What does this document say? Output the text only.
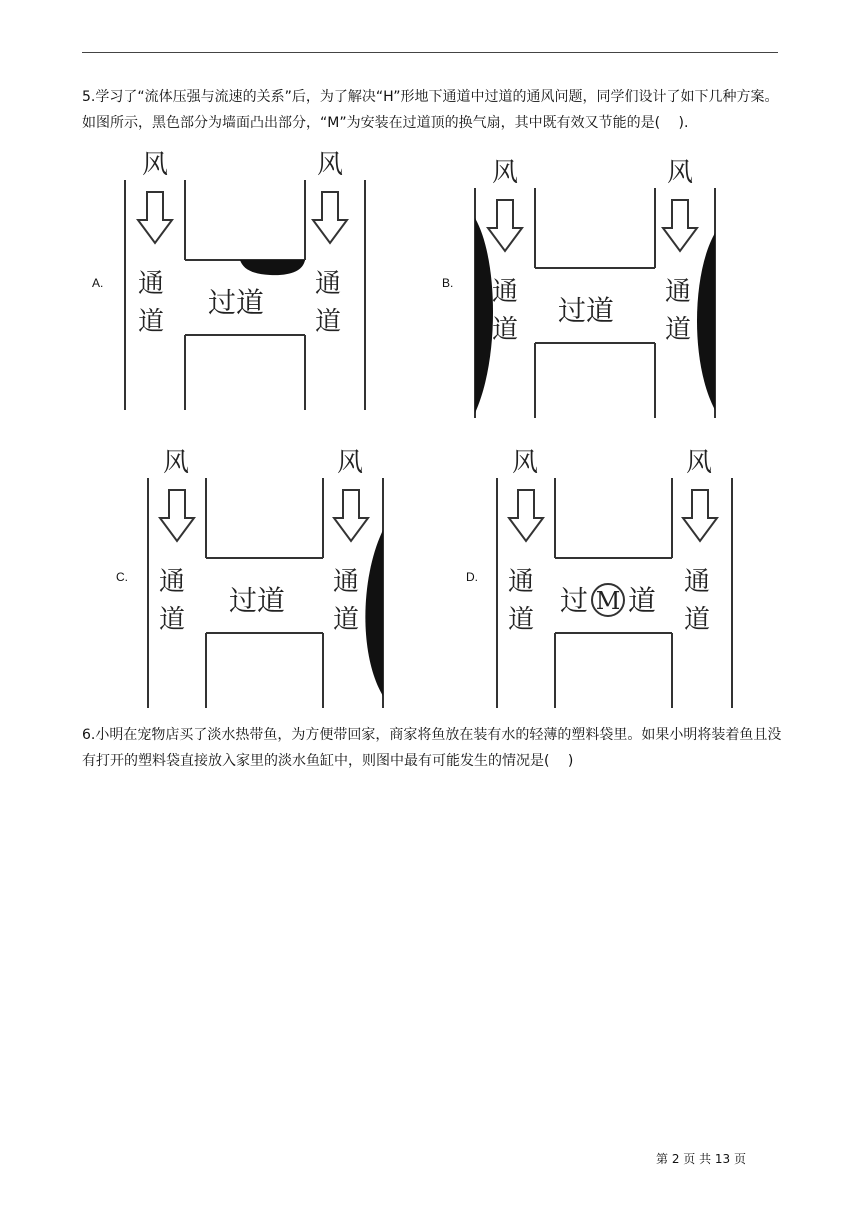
5.学习了“流体压强与流速的关系”后，为了解决“H”形地下通道中过道的通风问题，同学们设计了如下几种方案。如图所示，黑色部分为墙面凸出部分，“M”为安装在过道顶的换气扇，其中既有效又节能的是(　 ).

A.
风	风
通
道
通
道
过道
B.
风	风
通
道
通
道
过道
C.
风	风
通
道
通
道
过道
D.
风	风
通
道
通
道
过 M 道

6.小明在宠物店买了淡水热带鱼，为方便带回家，商家将鱼放在装有水的轻薄的塑料袋里。如果小明将装着鱼且没有打开的塑料袋直接放入家里的淡水鱼缸中，则图中最有可能发生的情况是(　 )

第 2 页 共 13 页
